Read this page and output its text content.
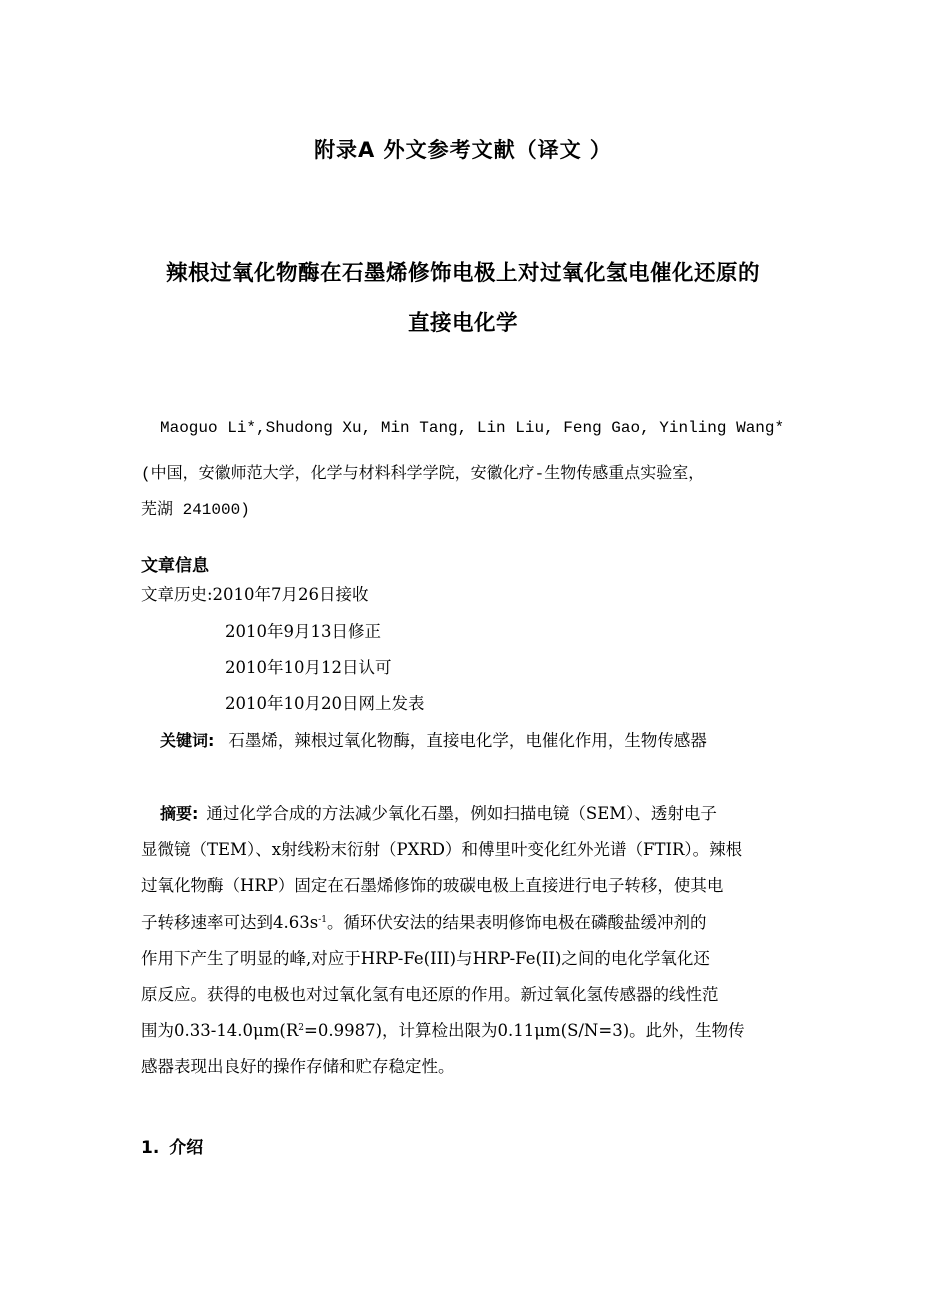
附录A 外文参考文献（译文 ）
辣根过氧化物酶在石墨烯修饰电极上对过氧化氢电催化还原的
直接电化学
Maoguo Li*,Shudong Xu, Min Tang, Lin Liu, Feng Gao, Yinling Wang*
(中国，安徽师范大学，化学与材料科学学院，安徽化疗-生物传感重点实验室，
芜湖 241000)
文章信息
文章历史:2010年7月26日接收
2010年9月13日修正
2010年10月12日认可
2010年10月20日网上发表
关键词: 石墨烯，辣根过氧化物酶，直接电化学，电催化作用，生物传感器
摘要: 通过化学合成的方法减少氧化石墨，例如扫描电镜（SEM）、透射电子
显微镜（TEM）、x射线粉末衍射（PXRD）和傅里叶变化红外光谱（FTIR）。辣根
过氧化物酶（HRP）固定在石墨烯修饰的玻碳电极上直接进行电子转移，使其电
子转移速率可达到$4.63s^{-1}$。循环伏安法的结果表明修饰电极在磷酸盐缓冲剂的
作用下产生了明显的峰,对应于HRP-Fe(III)与HRP-Fe(II)之间的电化学氧化还
原反应。获得的电极也对过氧化氢有电还原的作用。新过氧化氢传感器的线性范
围为$0.33-14.0\mu m(R^2=0.9987)$，计算检出限为0.11μm(S/N=3)。此外，生物传
感器表现出良好的操作存储和贮存稳定性。
1. 介绍
